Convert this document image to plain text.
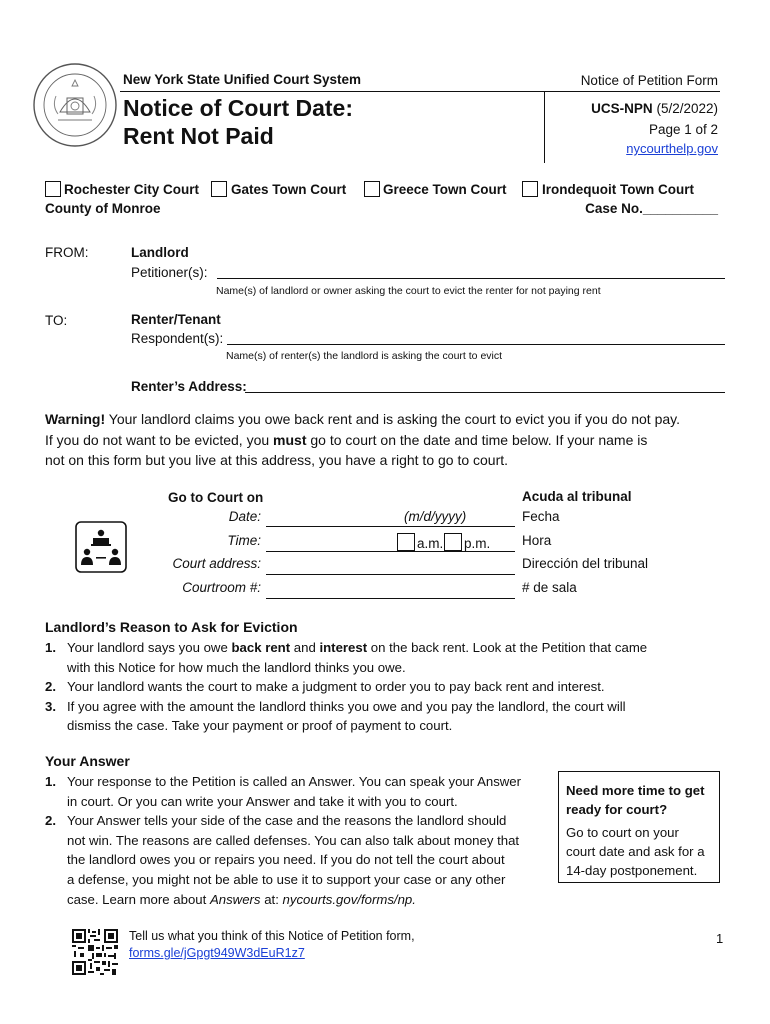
New York State Unified Court System
Notice of Court Date:
Rent Not Paid
Notice of Petition Form
UCS-NPN (5/2/2022)
Page 1 of 2
nycourthelp.gov
Rochester City Court Gates Town Court	Greece Town Court	Irondequoit Town Court
County of Monroe	Case No.__________
FROM:	Landlord
Petitioner(s):
Name(s) of landlord or owner asking the court to evict the renter for not paying rent
TO:	Renter/Tenant
Respondent(s):
Name(s) of renter(s) the landlord is asking the court to evict
Renter’s Address:
Warning! Your landlord claims you owe back rent and is asking the court to evict you if you do not pay.
If you do not want to be evicted, you must go to court on the date and time below. If your name is
not on this form but you live at this address, you have a right to go to court.
Go to Court on	Acuda al tribunal
Date:	(m/d/yyyy)	Fecha
Time:	a.m. p.m. Hora
Court address:	Dirección del tribunal
Courtroom #:	# de sala
Landlord’s Reason to Ask for Eviction
1. Your landlord says you owe back rent and interest on the back rent. Look at the Petition that came
with this Notice for how much the landlord thinks you owe.
2. Your landlord wants the court to make a judgment to order you to pay back rent and interest.
3. If you agree with the amount the landlord thinks you owe and you pay the landlord, the court will
dismiss the case. Take your payment or proof of payment to court.
Your Answer
1. Your response to the Petition is called an Answer. You can speak your Answer
in court. Or you can write your Answer and take it with you to court.
2. Your Answer tells your side of the case and the reasons the landlord should
not win. The reasons are called defenses. You can also talk about money that
the landlord owes you or repairs you need. If you do not tell the court about
a defense, you might not be able to use it to support your case or any other
case. Learn more about Answers at: nycourts.gov/forms/np.
Need more time to get
ready for court?
Go to court on your
court date and ask for a
14-day postponement.
Tell us what you think of this Notice of Petition form,
forms.gle/jGpgt949W3dEuR1z7
1
